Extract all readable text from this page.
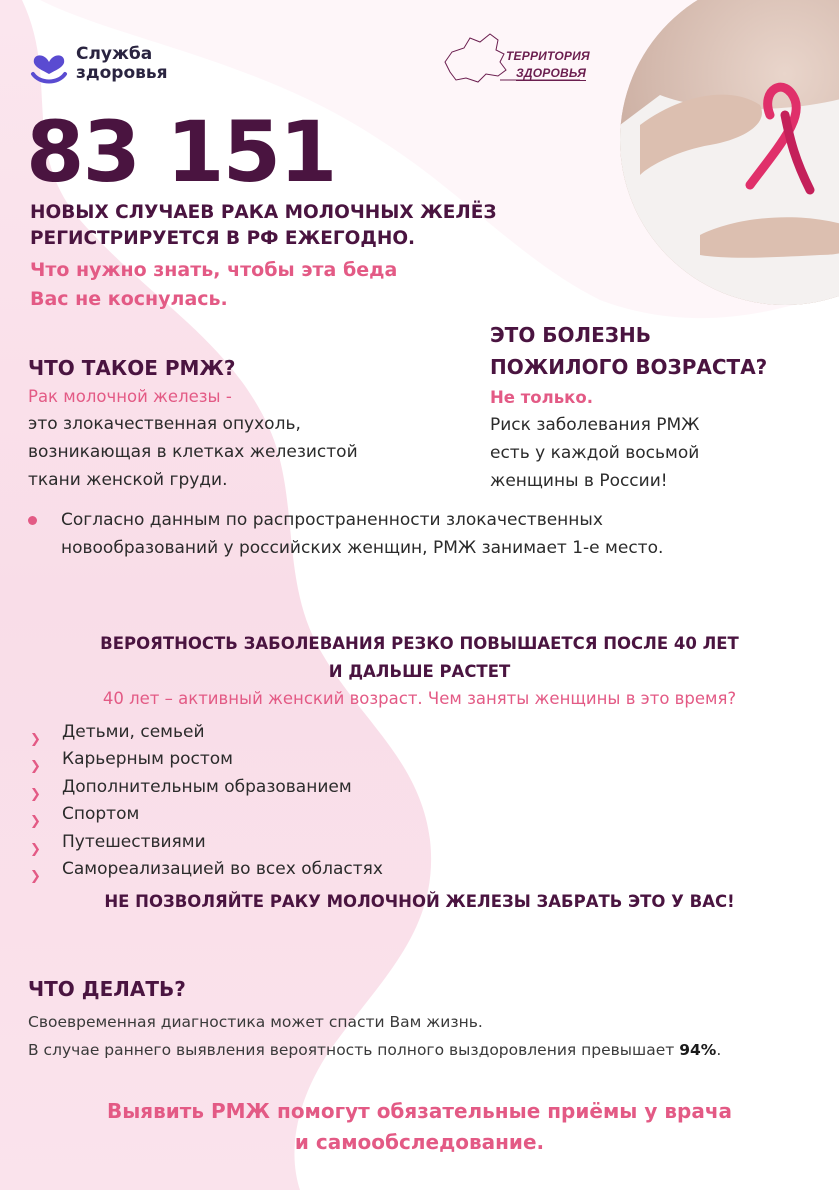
Служба
здоровья
ТЕРРИТОРИЯ
ЗДОРОВЬЯ
83 151
НОВЫХ СЛУЧАЕВ РАКА МОЛОЧНЫХ ЖЕЛЁЗ
РЕГИСТРИРУЕТСЯ В РФ ЕЖЕГОДНО.
Что нужно знать, чтобы эта беда
Вас не коснулась.
ЧТО ТАКОЕ РМЖ?
Рак молочной железы -
это злокачественная опухоль,
возникающая в клетках железистой
ткани женской груди.
ЭТО БОЛЕЗНЬ
ПОЖИЛОГО ВОЗРАСТА?
Не только.
Риск заболевания РМЖ
есть у каждой восьмой
женщины в России!
Согласно данным по распространенности злокачественных
новообразований у российских женщин, РМЖ занимает 1-е место.
ВЕРОЯТНОСТЬ ЗАБОЛЕВАНИЯ РЕЗКО ПОВЫШАЕТСЯ ПОСЛЕ 40 ЛЕТ
И ДАЛЬШЕ РАСТЕТ
40 лет – активный женский возраст. Чем заняты женщины в это время?
❯ Детьми, семьей
❯ Карьерным ростом
❯ Дополнительным образованием
❯ Спортом
❯ Путешествиями
❯ Самореализацией во всех областях
НЕ ПОЗВОЛЯЙТЕ РАКУ МОЛОЧНОЙ ЖЕЛЕЗЫ ЗАБРАТЬ ЭТО У ВАС!
ЧТО ДЕЛАТЬ?
Своевременная диагностика может спасти Вам жизнь.
В случае раннего выявления вероятность полного выздоровления превышает 94%.
Выявить РМЖ помогут обязательные приёмы у врача
и самообследование.
